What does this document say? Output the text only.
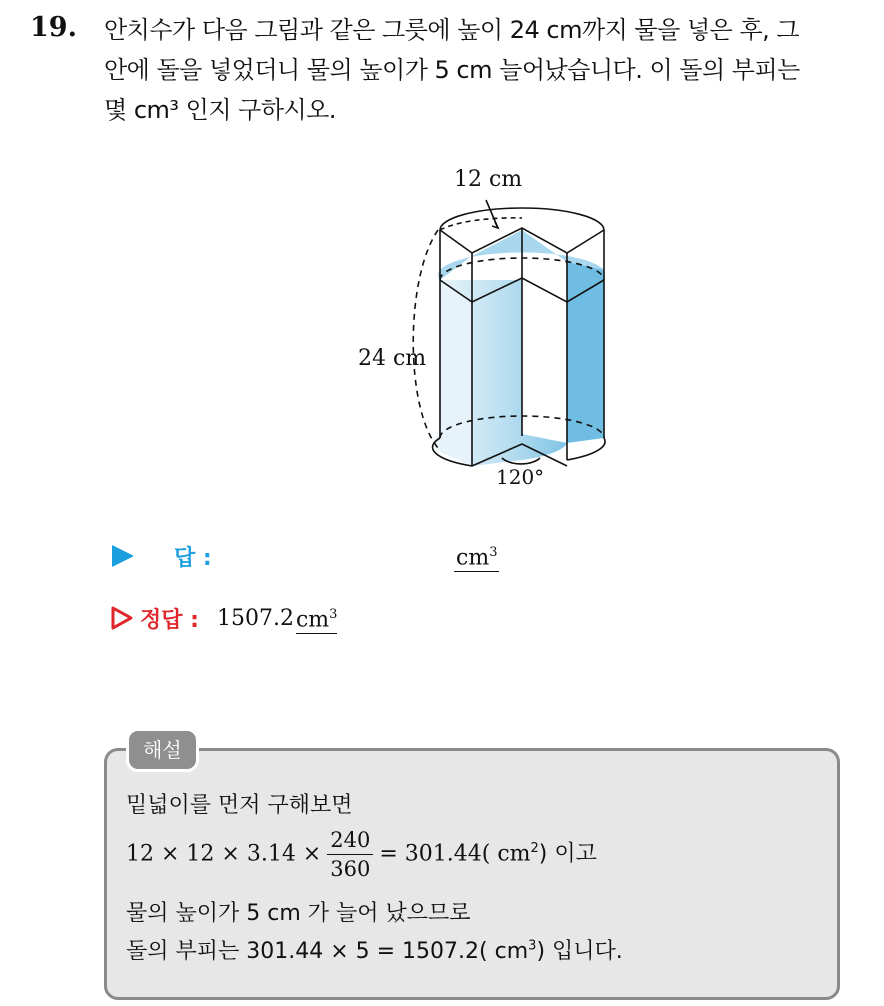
19. 안치수가 다음 그림과 같은 그릇에 높이 24 cm까지 물을 넣은 후, 그
안에 돌을 넣었더니 물의 높이가 5 cm 늘어났습니다. 이 돌의 부피는
몇 cm³ 인지 구하시오.
12 cm
24 cm
120°
답 :	$cm^3$
정답 : 1507.2 $cm^3$
해설
밑넓이를 먼저 구해보면
$12 \times 12 \times 3.14 \times \frac{240}{360} = 301.44$( $cm^2$) 이고
물의 높이가 5 cm 가 늘어 났으므로
돌의 부피는 301.44 × 5 = 1507.2( $cm^3$) 입니다.
